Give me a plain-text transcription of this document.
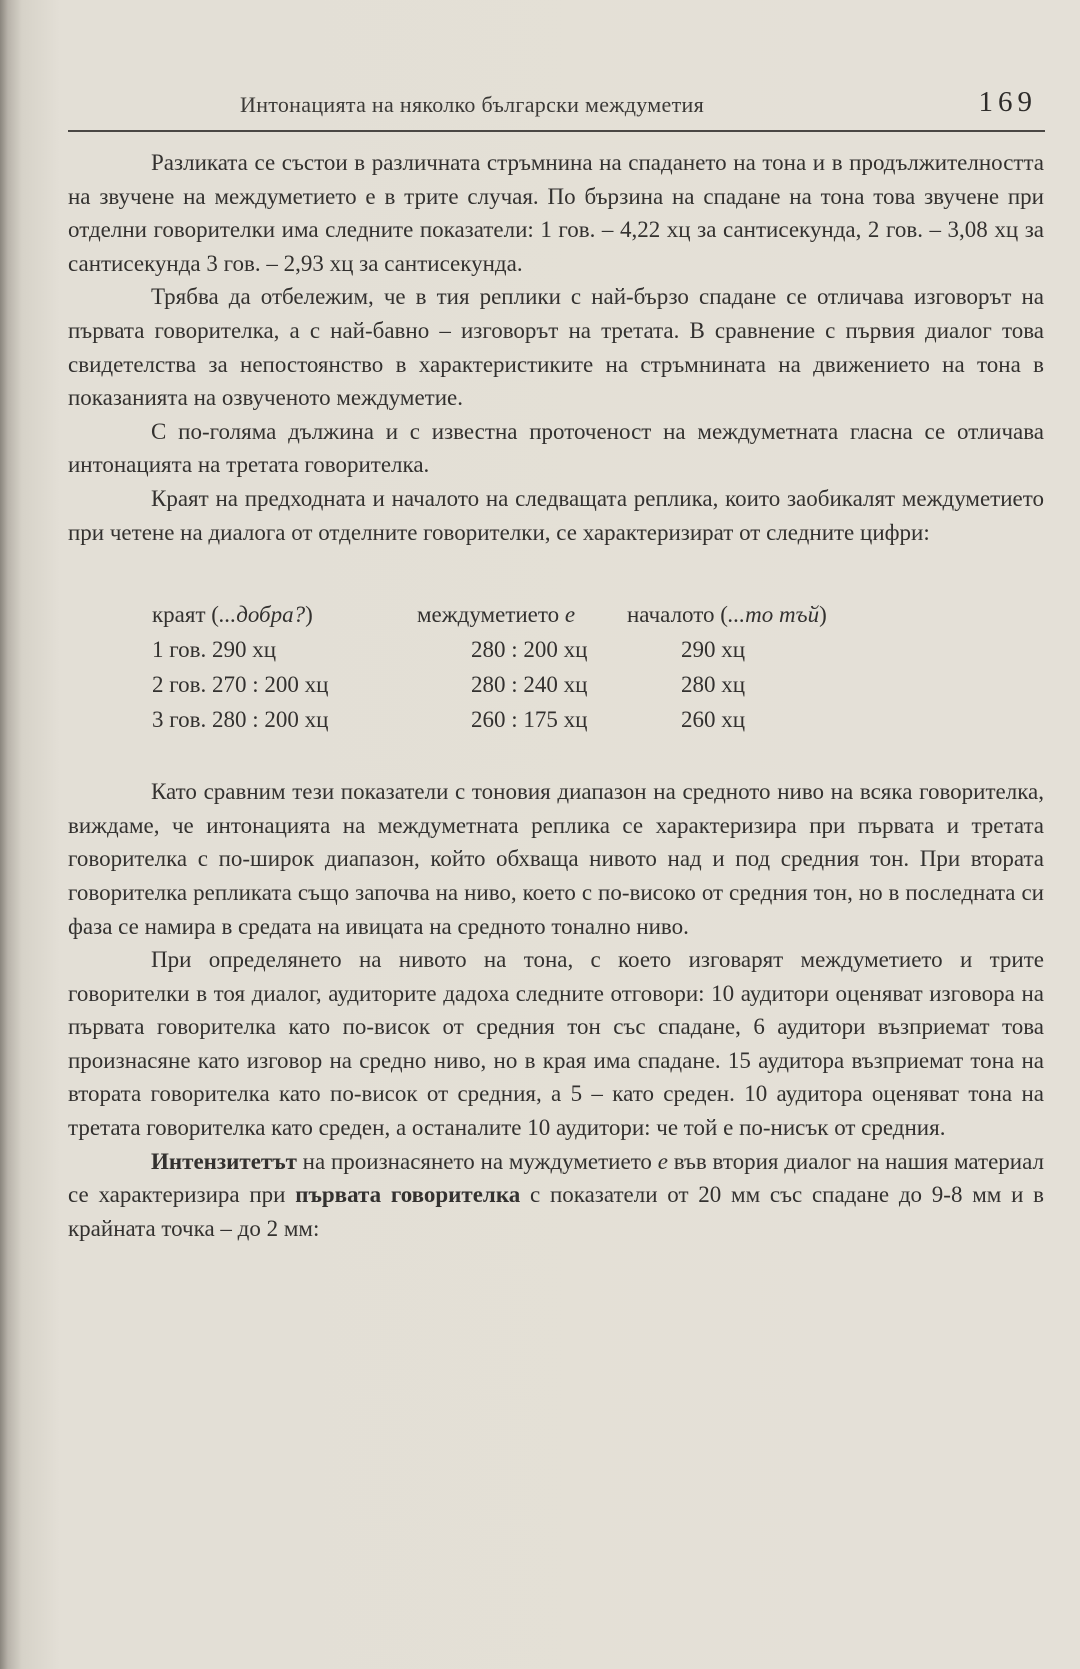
Интонацията на няколко български междуметия	169

Разликата се състои в различната стръмнина на спадането на тона и в продължителността на звучене на междуметието е в трите случая. По бързина на спадане на тона това звучене при отделни говорителки има следните показатели: 1 гов. – 4,22 хц за сантисекунда, 2 гов. – 3,08 хц за сантисекунда 3 гов. – 2,93 хц за сантисекунда.

Трябва да отбележим, че в тия реплики с най-бързо спадане се отличава изговорът на първата говорителка, а с най-бавно – изговорът на третата. В сравнение с първия диалог това свидетелства за непостоянство в характеристиките на стръмнината на движението на тона в показанията на озвученото междуметие.

С по-голяма дължина и с известна проточеност на междуметната гласна се отличава интонацията на третата говорителка.

Краят на предходната и началото на следващата реплика, които заобикалят междуметието при четене на диалога от отделните говорителки, се характеризират от следните цифри:

краят (...добра?)	междуметието е	началото (...то тъй)
1 гов. 290 хц	280 : 200 хц	290 хц
2 гов. 270 : 200 хц	280 : 240 хц	280 хц
3 гов. 280 : 200 хц	260 : 175 хц	260 хц

Като сравним тези показатели с тоновия диапазон на средното ниво на всяка говорителка, виждаме, че интонацията на междуметната реплика се характеризира при първата и третата говорителка с по-широк диапазон, който обхваща нивото над и под средния тон. При втората говорителка репликата също започва на ниво, което с по-високо от средния тон, но в последната си фаза се намира в средата на ивицата на средното тонално ниво.

При определянето на нивото на тона, с което изговарят междуметието и трите говорителки в тоя диалог, аудиторите дадоха следните отговори: 10 аудитори оценяват изговора на първата говорителка като по-висок от средния тон със спадане, 6 аудитори възприемат това произнасяне като изговор на средно ниво, но в края има спадане. 15 аудитора възприемат тона на втората говорителка като по-висок от средния, а 5 – като среден. 10 аудитора оценяват тона на третата говорителка като среден, а останалите 10 аудитори: че той е по-нисък от средния.

Интензитетът на произнасянето на муждуметието е във втория диалог на нашия материал се характеризира при първата говорителка с показатели от 20 мм със спадане до 9-8 мм и в крайната точка – до 2 мм:
